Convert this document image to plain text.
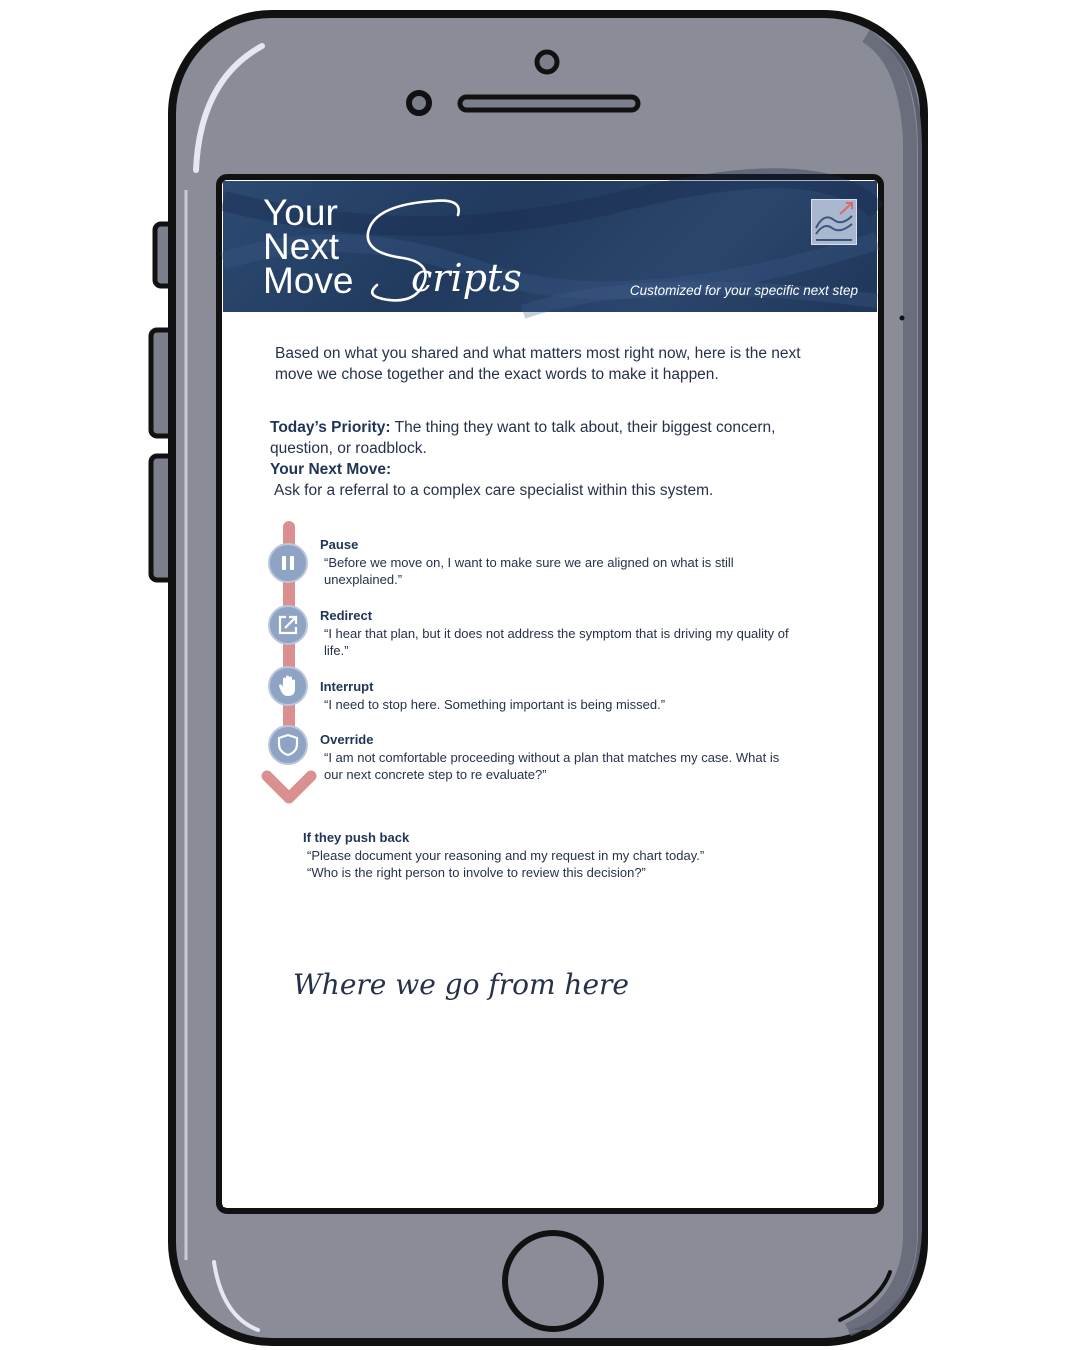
Your
Next
Move cripts	Customized for your specific next step
Based on what you shared and what matters most right now, here is the next move we chose together and the exact words to make it happen.
Today’s Priority: The thing they want to talk about, their biggest concern, question, or roadblock.
Your Next Move:
Ask for a referral to a complex care specialist within this system.
Pause
“Before we move on, I want to make sure we are aligned on what is still unexplained.”
Redirect
“I hear that plan, but it does not address the symptom that is driving my quality of life.”
Interrupt
“I need to stop here. Something important is being missed.”
Override
“I am not comfortable proceeding without a plan that matches my case. What is our next concrete step to re evaluate?”
If they push back
“Please document your reasoning and my request in my chart today.”
“Who is the right person to involve to review this decision?”
Where we go from here
